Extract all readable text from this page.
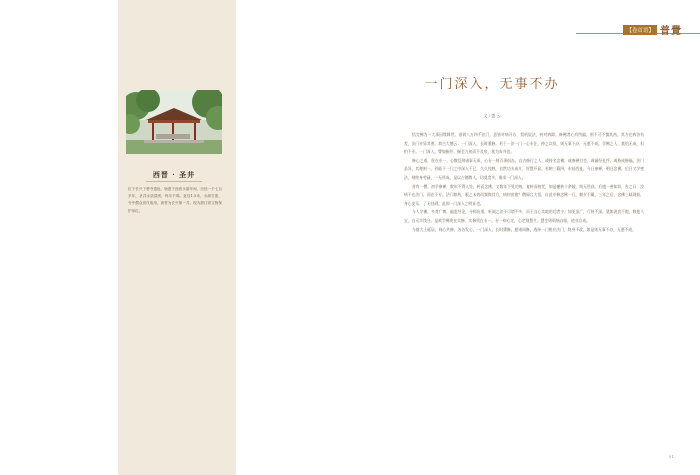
西晋 · 圣井
位于长兴下箬寺遗址，始建于西晋永嘉年间，历经一千七百多年，圣井水质清冽，终年不竭。直径1.5米，水源甘甜，寺中僧众世代取用，被誉为长兴第一井。现为浙江省文物保护单位。
【卷首语】 普覺
一门深入，无事不办
文 / 盛 云
01

悟完佛为一大事因缘降世，垂训八万四千法门，意皆对病开方，契机说法，药对病除。修佛者心有所偏，则不可不慎其药。其方在病各有差，法门亦异其要。故古大德云：一门深入，长时熏修。若于一法一门一心专注，持之以恒，则无事不办，无愿不成。学佛之人，莫怕无成，但怕不专。一门深入，譬如掘井，掘至九仞而不及泉，犹为弃井也。

修心之道，贵在专一。心散乱则诸事无成，心专一则百事俱办。自古修行之人，或持名念佛，或参禅打坐，或诵经礼忏，或持戒修福。法门虽异，其理则一。若能于一门之中深入不已，久久纯熟，自然功夫成片，智慧开显。若朝三暮四，东拈西扯，今日参禅，明日念佛，后日又学密法，则终身劳碌，一无所成。是以古德教人，切莫贪多，唯求一门深入。

昔有一僧，初学参禅，数年不得入处，转而念佛，又数年不见功效，复转而持咒，如是辗转十余载，终无所获。后遇一善知识，告之曰：汝病不在法门，而在不专。法门如药，服之未效而频换其方，病何由愈？僧闻言大悟，自此专修念佛一门，朝夕不辍，三年之后，念佛三昧现前，身心安乐，了无挂碍。此即一门深入之明证也。

今人学佛，多贪广博，遍览经论，寻师访道，听闻之法不可谓不多，而于自心实地用功者少。知见虽广，行持不深，犹如说食不饱，数他人宝，自无半钱分。是故学佛贵在实修，实修贵在专一。专一则心定，心定则慧生，慧生则烦恼自除，道业自成。

今值大士诞辰，同心共修，各各发心，一门深入，长时熏修。愿诸同修，选择一门相应法门，终身不改，如是则无事不办，无愿不成。
